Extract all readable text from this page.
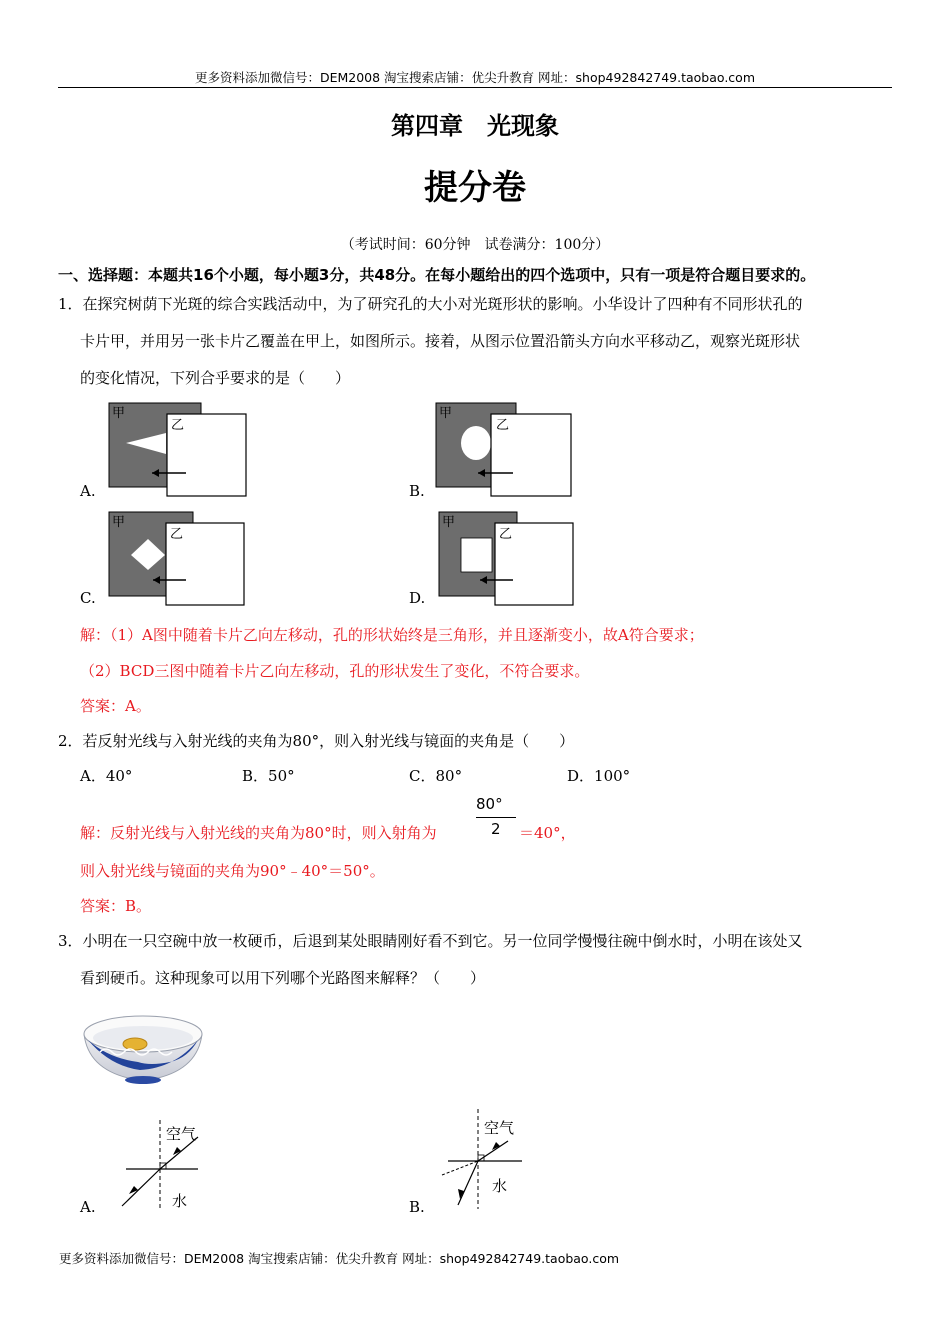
更多资料添加微信号：DEM2008 淘宝搜索店铺：优尖升教育 网址：shop492842749.taobao.com
第四章　光现象
提分卷
（考试时间：60分钟　试卷满分：100分）
一、选择题：本题共16个小题，每小题3分，共48分。在每小题给出的四个选项中，只有一项是符合题目要求的。
1．在探究树荫下光斑的综合实践活动中，为了研究孔的大小对光斑形状的影响。小华设计了四种有不同形状孔的
卡片甲，并用另一张卡片乙覆盖在甲上，如图所示。接着，从图示位置沿箭头方向水平移动乙，观察光斑形状
的变化情况，下列合乎要求的是（　　）
甲
乙
A.
甲
乙
B.
甲
乙
C.
甲
乙
D.
解：（1）A图中随着卡片乙向左移动，孔的形状始终是三角形，并且逐渐变小，故A符合要求；
（2）BCD三图中随着卡片乙向左移动，孔的形状发生了变化，不符合要求。
答案：A。
2．若反射光线与入射光线的夹角为80°，则入射光线与镜面的夹角是（　　）
A．40°	B．50°	C．80°	D．100°
解：反射光线与入射光线的夹角为80°时，则入射角为
80°
2 ＝40°，
则入射光线与镜面的夹角为90°﹣40°＝50°。
答案：B。
3．小明在一只空碗中放一枚硬币，后退到某处眼睛刚好看不到它。另一位同学慢慢往碗中倒水时，小明在该处又
看到硬币。这种现象可以用下列哪个光路图来解释？（　　）
空气
水
A.
空气
水
B.
更多资料添加微信号：DEM2008 淘宝搜索店铺：优尖升教育 网址：shop492842749.taobao.com
